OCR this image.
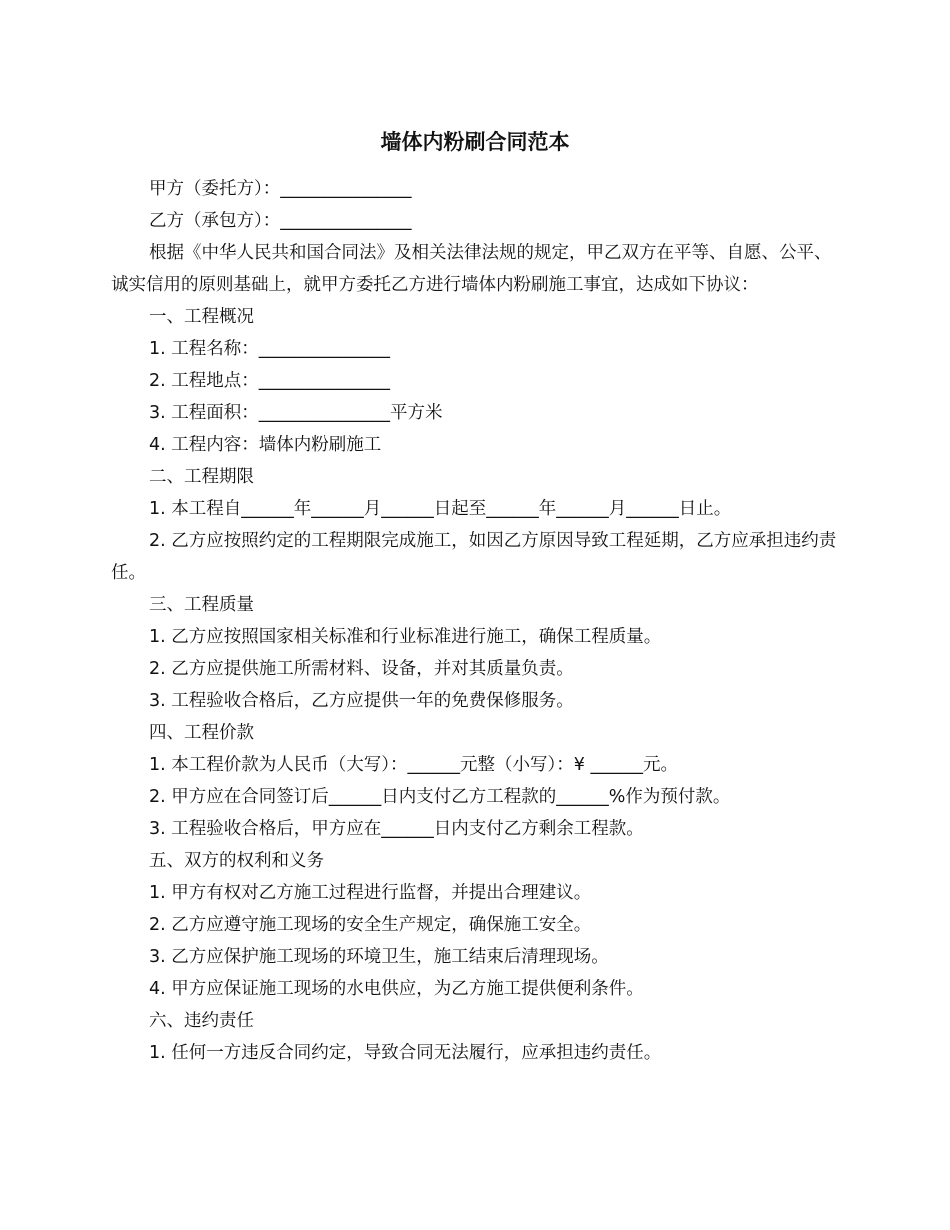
墙体内粉刷合同范本

甲方（委托方）：_______________

乙方（承包方）：_______________

根据《中华人民共和国合同法》及相关法律法规的规定，甲乙双方在平等、自愿、公平、诚实信用的原则基础上，就甲方委托乙方进行墙体内粉刷施工事宜，达成如下协议：

一、工程概况

1. 工程名称：_______________

2. 工程地点：_______________

3. 工程面积：_______________平方米

4. 工程内容：墙体内粉刷施工

二、工程期限

1. 本工程自______年______月______日起至______年______月______日止。

2. 乙方应按照约定的工程期限完成施工，如因乙方原因导致工程延期，乙方应承担违约责任。

三、工程质量

1. 乙方应按照国家相关标准和行业标准进行施工，确保工程质量。

2. 乙方应提供施工所需材料、设备，并对其质量负责。

3. 工程验收合格后，乙方应提供一年的免费保修服务。

四、工程价款

1. 本工程价款为人民币（大写）：______元整（小写）：¥ ______元。

2. 甲方应在合同签订后______日内支付乙方工程款的______%作为预付款。

3. 工程验收合格后，甲方应在______日内支付乙方剩余工程款。

五、双方的权利和义务

1. 甲方有权对乙方施工过程进行监督，并提出合理建议。

2. 乙方应遵守施工现场的安全生产规定，确保施工安全。

3. 乙方应保护施工现场的环境卫生，施工结束后清理现场。

4. 甲方应保证施工现场的水电供应，为乙方施工提供便利条件。

六、违约责任

1. 任何一方违反合同约定，导致合同无法履行，应承担违约责任。
